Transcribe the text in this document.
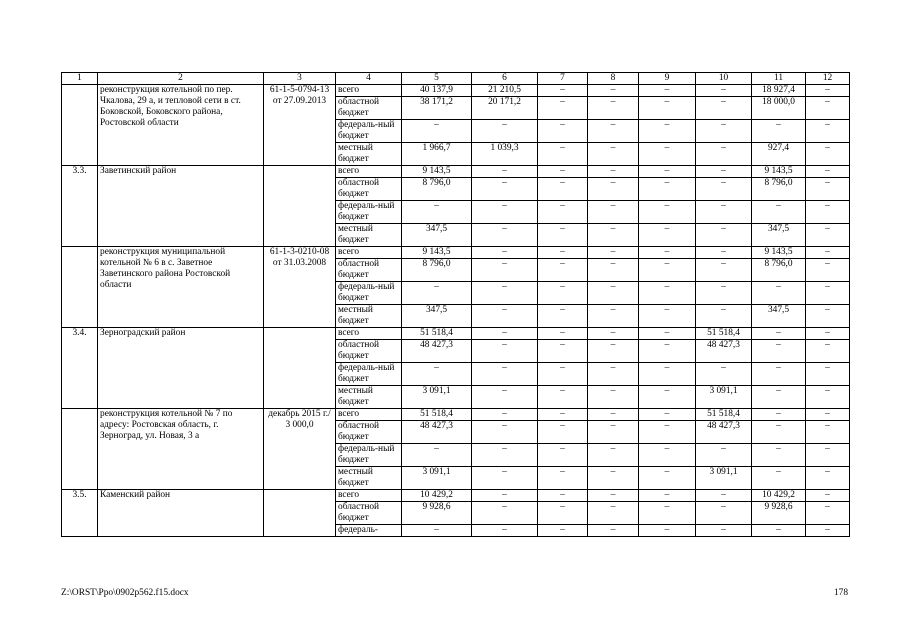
1	2	3	4	5	6	7	8	9	10	11	12
	реконструкция котельной по пер. Чкалова, 29 а, и тепловой сети в ст. Боковской, Боковского района, Ростовской области	61-1-5-0794-13 от 27.09.2013	всего	40 137,9	21 210,5	–	–	–	–	18 927,4	–
			областной бюджет	38 171,2	20 171,2	–	–	–	–	18 000,0	–
			федераль-ный бюджет	–	–	–	–	–	–	–	–
			местный бюджет	1 966,7	1 039,3	–	–	–	–	927,4	–
3.3.	Заветинский район		всего	9 143,5	–	–	–	–	–	9 143,5	–
			областной бюджет	8 796,0	–	–	–	–	–	8 796,0	–
			федераль-ный бюджет	–	–	–	–	–	–	–	–
			местный бюджет	347,5	–	–	–	–	–	347,5	–
	реконструкция муниципальной котельной № 6 в с. Заветное Заветинского района Ростовской области	61-1-3-0210-08 от 31.03.2008	всего	9 143,5	–	–	–	–	–	9 143,5	–
			областной бюджет	8 796,0	–	–	–	–	–	8 796,0	–
			федераль-ный бюджет	–	–	–	–	–	–	–	–
			местный бюджет	347,5	–	–	–	–	–	347,5	–
3.4.	Зерноградский район		всего	51 518,4	–	–	–	–	51 518,4	–	–
			областной бюджет	48 427,3	–	–	–	–	48 427,3	–	–
			федераль-ный бюджет	–	–	–	–	–	–	–	–
			местный бюджет	3 091,1	–	–	–	–	3 091,1	–	–
	реконструкция котельной № 7 по адресу: Ростовская область, г. Зерноград, ул. Новая, 3 а	декабрь 2015 г./ 3 000,0	всего	51 518,4	–	–	–	–	51 518,4	–	–
			областной бюджет	48 427,3	–	–	–	–	48 427,3	–	–
			федераль-ный бюджет	–	–	–	–	–	–	–	–
			местный бюджет	3 091,1	–	–	–	–	3 091,1	–	–
3.5.	Каменский район		всего	10 429,2	–	–	–	–	–	10 429,2	–
			областной бюджет	9 928,6	–	–	–	–	–	9 928,6	–
			федераль-	–	–	–	–	–	–	–	–
Z:\ORST\Ppo\0902p562.f15.docx	178
